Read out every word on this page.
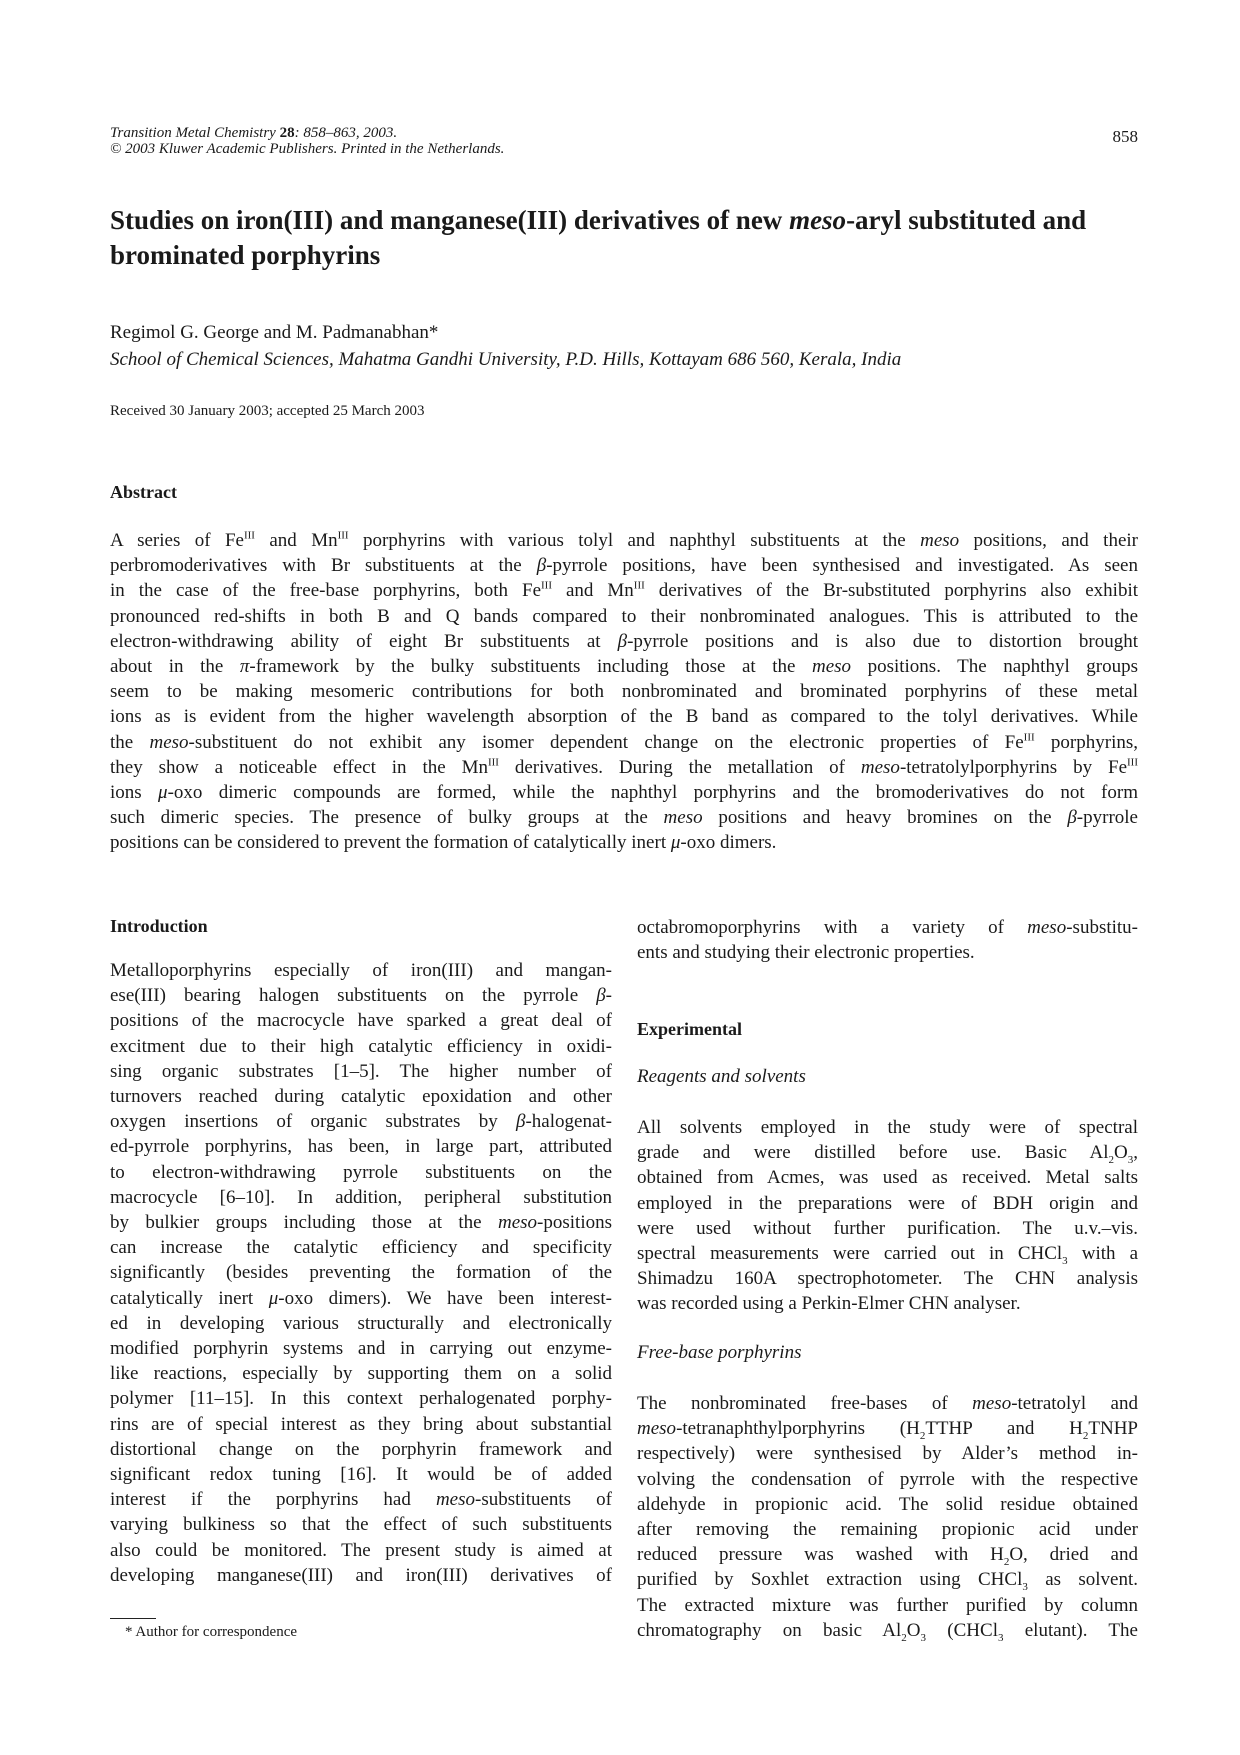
Transition Metal Chemistry 28: 858–863, 2003.
© 2003 Kluwer Academic Publishers. Printed in the Netherlands.
858
Studies on iron(III) and manganese(III) derivatives of new meso-aryl substituted and brominated porphyrins
Regimol G. George and M. Padmanabhan*
School of Chemical Sciences, Mahatma Gandhi University, P.D. Hills, Kottayam 686 560, Kerala, India
Received 30 January 2003; accepted 25 March 2003
Abstract
A series of $Fe^{III}$ and $Mn^{III}$ porphyrins with various tolyl and naphthyl substituents at the meso positions, and their
perbromoderivatives with Br substituents at the β-pyrrole positions, have been synthesised and investigated. As seen
in the case of the free-base porphyrins, both $Fe^{III}$ and $Mn^{III}$ derivatives of the Br-substituted porphyrins also exhibit
pronounced red-shifts in both B and Q bands compared to their nonbrominated analogues. This is attributed to the
electron-withdrawing ability of eight Br substituents at β-pyrrole positions and is also due to distortion brought
about in the π-framework by the bulky substituents including those at the meso positions. The naphthyl groups
seem to be making mesomeric contributions for both nonbrominated and brominated porphyrins of these metal
ions as is evident from the higher wavelength absorption of the B band as compared to the tolyl derivatives. While
the meso-substituent do not exhibit any isomer dependent change on the electronic properties of $Fe^{III}$ porphyrins,
they show a noticeable effect in the $Mn^{III}$ derivatives. During the metallation of meso-tetratolylporphyrins by $Fe^{III}$
ions μ-oxo dimeric compounds are formed, while the naphthyl porphyrins and the bromoderivatives do not form
such dimeric species. The presence of bulky groups at the meso positions and heavy bromines on the β-pyrrole
positions can be considered to prevent the formation of catalytically inert μ-oxo dimers.
Introduction
Metalloporphyrins especially of iron(III) and mangan-
ese(III) bearing halogen substituents on the pyrrole β-
positions of the macrocycle have sparked a great deal of
excitment due to their high catalytic efficiency in oxidi-
sing organic substrates [1–5]. The higher number of
turnovers reached during catalytic epoxidation and other
oxygen insertions of organic substrates by β-halogenat-
ed-pyrrole porphyrins, has been, in large part, attributed
to electron-withdrawing pyrrole substituents on the
macrocycle [6–10]. In addition, peripheral substitution
by bulkier groups including those at the meso-positions
can increase the catalytic efficiency and specificity
significantly (besides preventing the formation of the
catalytically inert μ-oxo dimers). We have been interest-
ed in developing various structurally and electronically
modified porphyrin systems and in carrying out enzyme-
like reactions, especially by supporting them on a solid
polymer [11–15]. In this context perhalogenated porphy-
rins are of special interest as they bring about substantial
distortional change on the porphyrin framework and
significant redox tuning [16]. It would be of added
interest if the porphyrins had meso-substituents of
varying bulkiness so that the effect of such substituents
also could be monitored. The present study is aimed at
developing manganese(III) and iron(III) derivatives of
octabromoporphyrins with a variety of meso-substitu-
ents and studying their electronic properties.
Experimental
Reagents and solvents
All solvents employed in the study were of spectral
grade and were distilled before use. Basic $Al_2O_3$,
obtained from Acmes, was used as received. Metal salts
employed in the preparations were of BDH origin and
were used without further purification. The u.v.–vis.
spectral measurements were carried out in CHCl$_3$ with a
Shimadzu 160A spectrophotometer. The CHN analysis
was recorded using a Perkin-Elmer CHN analyser.
Free-base porphyrins
The nonbrominated free-bases of meso-tetratolyl and
meso-tetranaphthylporphyrins ($H_2TTHP$ and $H_2TNHP$
respectively) were synthesised by Alder’s method in-
volving the condensation of pyrrole with the respective
aldehyde in propionic acid. The solid residue obtained
after removing the remaining propionic acid under
reduced pressure was washed with $H_2O$, dried and
purified by Soxhlet extraction using CHCl$_3$ as solvent.
The extracted mixture was further purified by column
chromatography on basic $Al_2O_3$ (CHCl$_3$ elutant). The
* Author for correspondence
